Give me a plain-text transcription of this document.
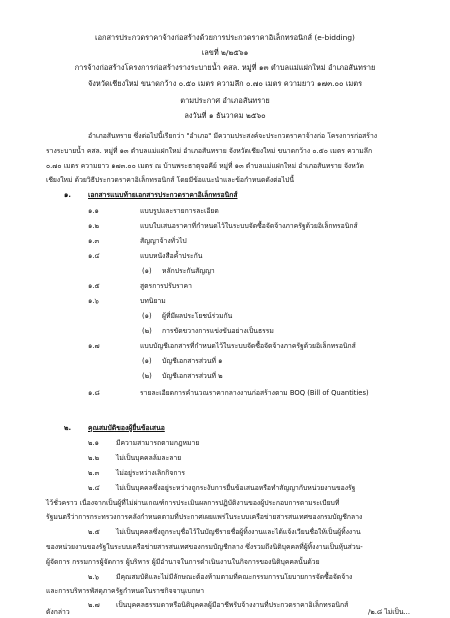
เอกสารประกวดราคาจ้างก่อสร้างด้วยการประกวดราคาอิเล็กทรอนิกส์ (e-bidding)
เลขที่ ๒/๒๕๖๑
การจ้างก่อสร้างโครงการก่อสร้างรางระบายน้ำ คสล. หมู่ที่ ๑๓ ตำบลแม่แฝกใหม่ อำเภอสันทราย
จังหวัดเชียงใหม่ ขนาดกว้าง ๐.๕๐ เมตร ความลึก ๐.๗๐ เมตร ความยาว ๑๗๓.๐๐ เมตร
ตามประกาศ อำเภอสันทราย
ลงวันที่ ๑ ธันวาคม ๒๕๖๐
อำเภอสันทราย ซึ่งต่อไปนี้เรียกว่า "อำเภอ" มีความประสงค์จะประกวดราคาจ้างก่อ โครงการก่อสร้าง
รางระบายน้ำ คสล. หมู่ที่ ๑๓ ตำบลแม่แฝกใหม่ อำเภอสันทราย จังหวัดเชียงใหม่ ขนาดกว้าง ๐.๕๐ เมตร ความลึก
๐.๗๐ เมตร ความยาว ๑๗๓.๐๐ เมตร ณ บ้านพระธาตุจอคีย์ หมู่ที่ ๑๓ ตำบลแม่แฝกใหม่ อำเภอสันทราย จังหวัด
เชียงใหม่ ด้วยวิธีประกวดราคาอิเล็กทรอนิกส์ โดยมีข้อแนะนำและข้อกำหนดดังต่อไปนี้
๑.	เอกสารแนบท้ายเอกสารประกวดราคาอิเล็กทรอนิกส์
๑.๑	แบบรูปและรายการละเอียด
๑.๒	แบบใบเสนอราคาที่กำหนดไว้ในระบบจัดซื้อจัดจ้างภาครัฐด้วยอิเล็กทรอนิกส์
๑.๓	สัญญาจ้างทั่วไป
๑.๔	แบบหนังสือค้ำประกัน
(๑) หลักประกันสัญญา
๑.๕	สูตรการปรับราคา
๑.๖	บทนิยาม
(๑) ผู้ที่มีผลประโยชน์ร่วมกัน
(๒) การขัดขวางการแข่งขันอย่างเป็นธรรม
๑.๗	แบบบัญชีเอกสารที่กำหนดไว้ในระบบจัดซื้อจัดจ้างภาครัฐด้วยอิเล็กทรอนิกส์
(๑) บัญชีเอกสารส่วนที่ ๑
(๒) บัญชีเอกสารส่วนที่ ๒
๑.๘	รายละเอียดการคำนวณราคากลางงานก่อสร้างตาม BOQ (Bill of Quantities)
๒. คุณสมบัติของผู้ยื่นข้อเสนอ
๒.๑	มีความสามารถตามกฎหมาย
๒.๒ ไม่เป็นบุคคลล้มละลาย
๒.๓ ไม่อยู่ระหว่างเลิกกิจการ
๒.๔ ไม่เป็นบุคคลซึ่งอยู่ระหว่างถูกระงับการยื่นข้อเสนอหรือทำสัญญากับหน่วยงานของรัฐ
ไว้ชั่วคราว เนื่องจากเป็นผู้ที่ไม่ผ่านเกณฑ์การประเมินผลการปฏิบัติงานของผู้ประกอบการตามระเบียบที่
รัฐมนตรีว่าการกระทรวงการคลังกำหนดตามที่ประกาศเผยแพร่ในระบบเครือข่ายสารสนเทศของกรมบัญชีกลาง
๒.๕ ไม่เป็นบุคคลซึ่งถูกระบุชื่อไว้ในบัญชีรายชื่อผู้ทิ้งงานและได้แจ้งเวียนชื่อให้เป็นผู้ทิ้งงาน
ของหน่วยงานของรัฐในระบบเครือข่ายสารสนเทศของกรมบัญชีกลาง ซึ่งรวมถึงนิติบุคคลที่ผู้ทิ้งงานเป็นหุ้นส่วน-
ผู้จัดการ กรรมการผู้จัดการ ผู้บริหาร ผู้มีอำนาจในการดำเนินงานในกิจการของนิติบุคคลนั้นด้วย
๒.๖	มีคุณสมบัติและไม่มีลักษณะต้องห้ามตามที่คณะกรรมการนโยบายการจัดซื้อจัดจ้าง
และการบริหารพัสดุภาครัฐกำหนดในราชกิจจานุเบกษา
๒.๗ เป็นบุคคลธรรมดาหรือนิติบุคคลผู้มีอาชีพรับจ้างงานที่ประกวดราคาอิเล็กทรอนิกส์
ดังกล่าว	/๒.๘ ไม่เป็น...
